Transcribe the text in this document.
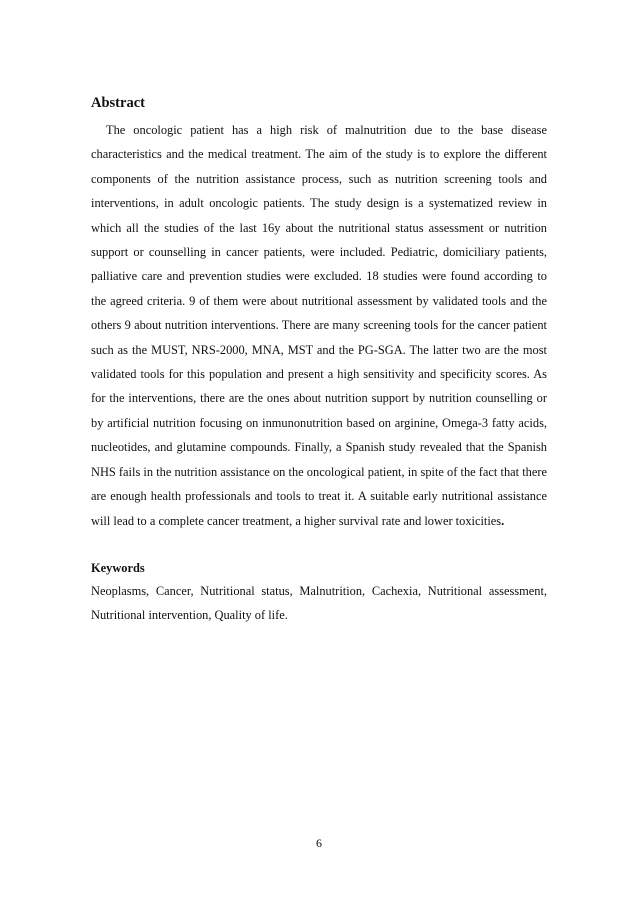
Abstract

The oncologic patient has a high risk of malnutrition due to the base disease characteristics and the medical treatment. The aim of the study is to explore the different components of the nutrition assistance process, such as nutrition screening tools and interventions, in adult oncologic patients. The study design is a systematized review in which all the studies of the last 16y about the nutritional status assessment or nutrition support or counselling in cancer patients, were included. Pediatric, domiciliary patients, palliative care and prevention studies were excluded. 18 studies were found according to the agreed criteria. 9 of them were about nutritional assessment by validated tools and the others 9 about nutrition interventions. There are many screening tools for the cancer patient such as the MUST, NRS-2000, MNA, MST and the PG-SGA. The latter two are the most validated tools for this population and present a high sensitivity and specificity scores. As for the interventions, there are the ones about nutrition support by nutrition counselling or by artificial nutrition focusing on inmunonutrition based on arginine, Omega-3 fatty acids, nucleotides, and glutamine compounds. Finally, a Spanish study revealed that the Spanish NHS fails in the nutrition assistance on the oncological patient, in spite of the fact that there are enough health professionals and tools to treat it. A suitable early nutritional assistance will lead to a complete cancer treatment, a higher survival rate and lower toxicities.

Keywords

Neoplasms, Cancer, Nutritional status, Malnutrition, Cachexia, Nutritional assessment, Nutritional intervention, Quality of life.

6
